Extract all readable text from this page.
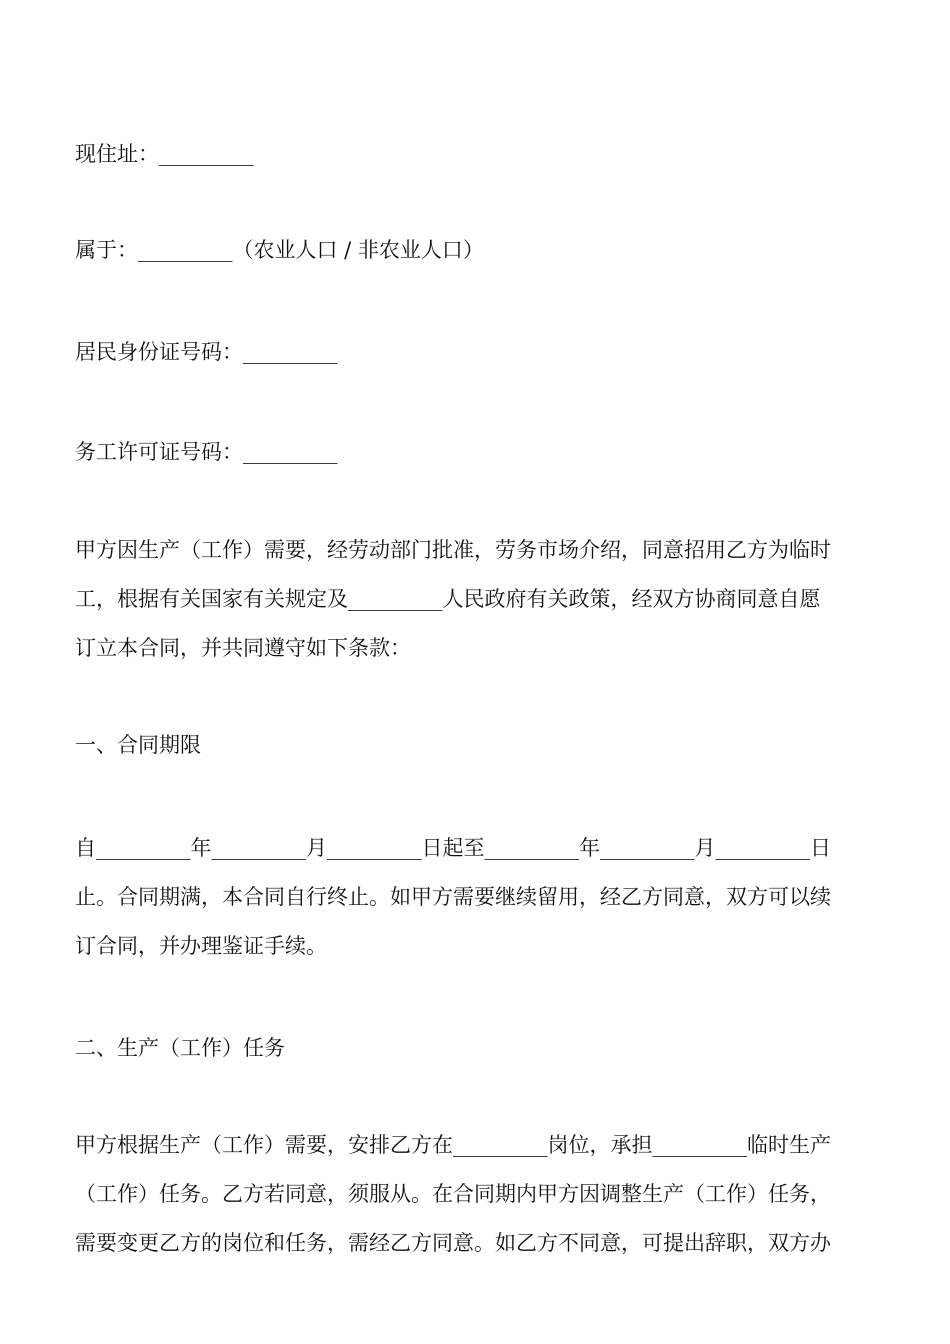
现住址：_________
属于：_________（农业人口 / 非农业人口）
居民身份证号码：_________
务工许可证号码：_________
甲方因生产（工作）需要，经劳动部门批准，劳务市场介绍，同意招用乙方为临时
工，根据有关国家有关规定及_________人民政府有关政策，经双方协商同意自愿
订立本合同，并共同遵守如下条款：
一、合同期限
自_________年_________月_________日起至_________年_________月_________日
止。合同期满，本合同自行终止。如甲方需要继续留用，经乙方同意，双方可以续
订合同，并办理鉴证手续。
二、生产（工作）任务
甲方根据生产（工作）需要，安排乙方在_________岗位，承担_________临时生产
（工作）任务。乙方若同意，须服从。在合同期内甲方因调整生产（工作）任务，
需要变更乙方的岗位和任务，需经乙方同意。如乙方不同意，可提出辞职，双方办
